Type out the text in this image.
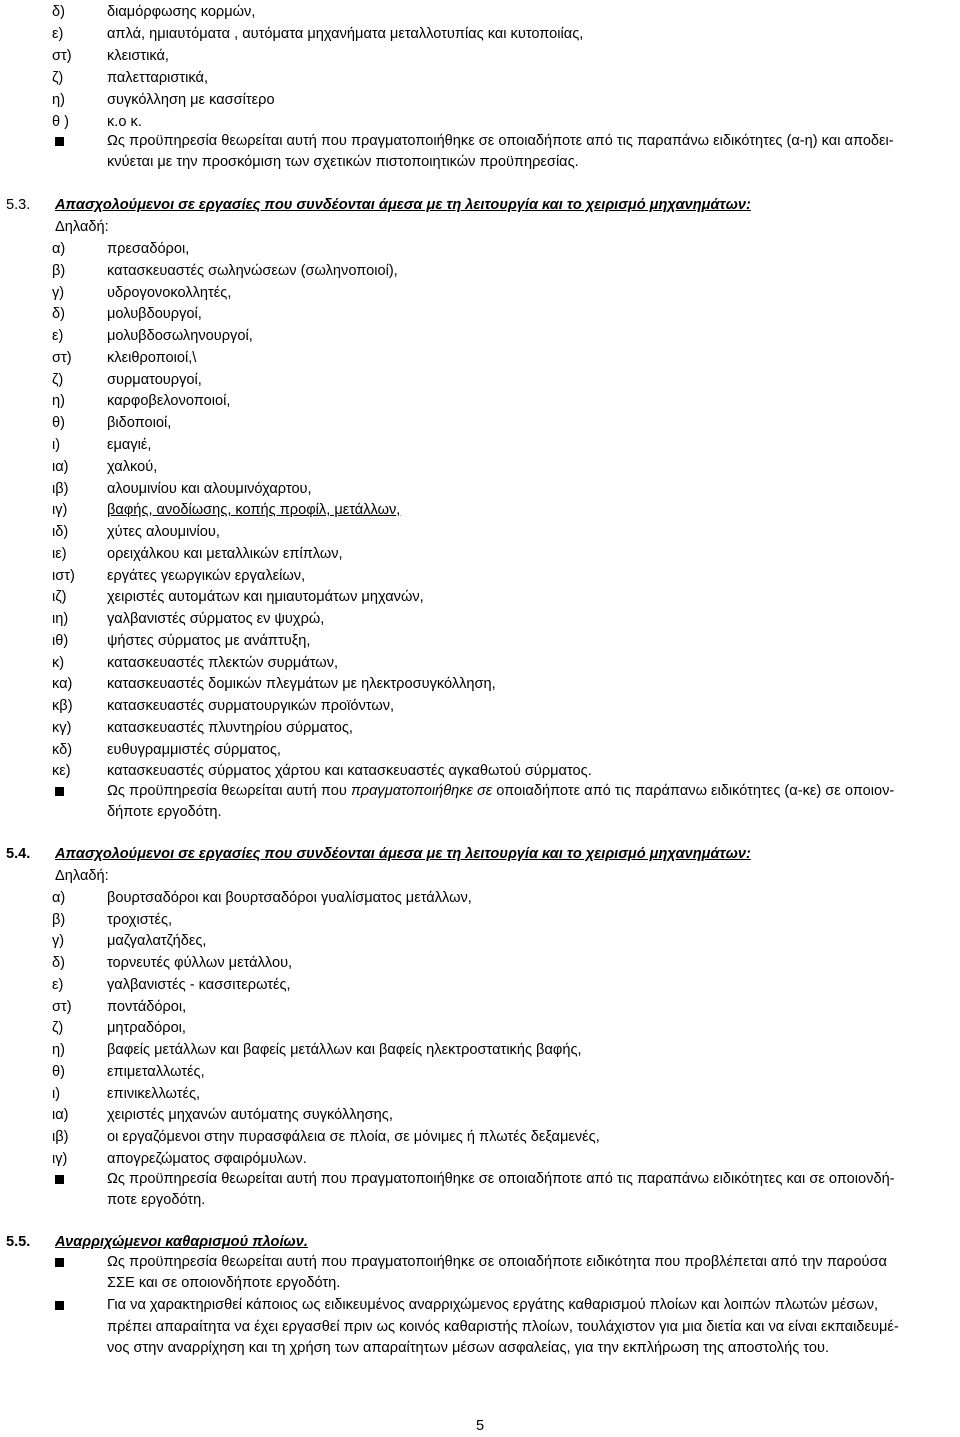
δ)	διαμόρφωσης κορμών,
ε)	απλά, ημιαυτόματα , αυτόματα μηχανήματα μεταλλοτυπίας και κυτοποιίας,
στ) κλειστικά,
ζ)	παλετταριστικά,
η)	συγκόλληση με κασσίτερο
θ )	κ.ο κ.
Ως προϋπηρεσία θεωρείται αυτή που πραγματοποιήθηκε σε οποιαδήποτε από τις παραπάνω ειδικότητες (α-η) και αποδει-
κνύεται με την προσκόμιση των σχετικών πιστοποιητικών προϋπηρεσίας.
5.3. Απασχολούμενοι σε εργασίες που συνδέονται άμεσα με τη λειτουργία και το χειρισμό μηχανημάτων:
Δηλαδή:
α)	πρεσαδόροι,
β)	κατασκευαστές σωληνώσεων (σωληνοποιοί),
γ)	υδρογονοκολλητές,
δ)	μολυβδουργοί,
ε)	μολυβδοσωληνουργοί,
στ) κλειθροποιοί,\
ζ)	συρματουργοί,
η)	καρφοβελονοποιοί,
θ)	βιδοποιοί,
ι)	εμαγιέ,
ια)	χαλκού,
ιβ)	αλουμινίου και αλουμινόχαρτου,
ιγ)	βαφής, ανοδίωσης, κοπής προφίλ, μετάλλων,
ιδ)	χύτες αλουμινίου,
ιε)	ορειχάλκου και μεταλλικών επίπλων,
ιστ) εργάτες γεωργικών εργαλείων,
ιζ)	χειριστές αυτομάτων και ημιαυτομάτων μηχανών,
ιη)	γαλβανιστές σύρματος εν ψυχρώ,
ιθ)	ψήστες σύρματος με ανάπτυξη,
κ)	κατασκευαστές πλεκτών συρμάτων,
κα) κατασκευαστές δομικών πλεγμάτων με ηλεκτροσυγκόλληση,
κβ) κατασκευαστές συρματουργικών προϊόντων,
κγ) κατασκευαστές πλυντηρίου σύρματος,
κδ) ευθυγραμμιστές σύρματος,
κε) κατασκευαστές σύρματος χάρτου και κατασκευαστές αγκαθωτού σύρματος.
Ως προϋπηρεσία θεωρείται αυτή που πραγματοποιήθηκε σε οποιαδήποτε από τις παράπανω ειδικότητες (α-κε) σε οποιον-
δήποτε εργοδότη.
5.4. Απασχολούμενοι σε εργασίες που συνδέονται άμεσα με τη λειτουργία και το χειρισμό μηχανημάτων:
Δηλαδή:
α)	βουρτσαδόροι και βουρτσαδόροι γυαλίσματος μετάλλων,
β)	τροχιστές,
γ)	μαζγαλατζήδες,
δ)	τορνευτές φύλλων μετάλλου,
ε)	γαλβανιστές - κασσιτερωτές,
στ) ποντάδόροι,
ζ)	μητραδόροι,
η)	βαφείς μετάλλων και βαφείς μετάλλων και βαφείς ηλεκτροστατικής βαφής,
θ)	επιμεταλλωτές,
ι)	επινικελλωτές,
ια)	χειριστές μηχανών αυτόματης συγκόλλησης,
ιβ)	οι εργαζόμενοι στην πυρασφάλεια σε πλοία, σε μόνιμες ή πλωτές δεξαμενές,
ιγ)	απογρεζώματος σφαιρόμυλων.
Ως προϋπηρεσία θεωρείται αυτή που πραγματοποιήθηκε σε οποιαδήποτε από τις παραπάνω ειδικότητες και σε οποιονδή-
ποτε εργοδότη.
5.5. Αναρριχώμενοι καθαρισμού πλοίων.
Ως προϋπηρεσία θεωρείται αυτή που πραγματοποιήθηκε σε οποιαδήποτε ειδικότητα που προβλέπεται από την παρούσα
ΣΣΕ και σε οποιονδήποτε εργοδότη.
Για να χαρακτηρισθεί κάποιος ως ειδικευμένος αναρριχώμενος εργάτης καθαρισμού πλοίων και λοιπών πλωτών μέσων,
πρέπει απαραίτητα να έχει εργασθεί πριν ως κοινός καθαριστής πλοίων, τουλάχιστον για μια διετία και να είναι εκπαιδευμέ-
νος στην αναρρίχηση και τη χρήση των απαραίτητων μέσων ασφαλείας, για την εκπλήρωση της αποστολής του.
5
